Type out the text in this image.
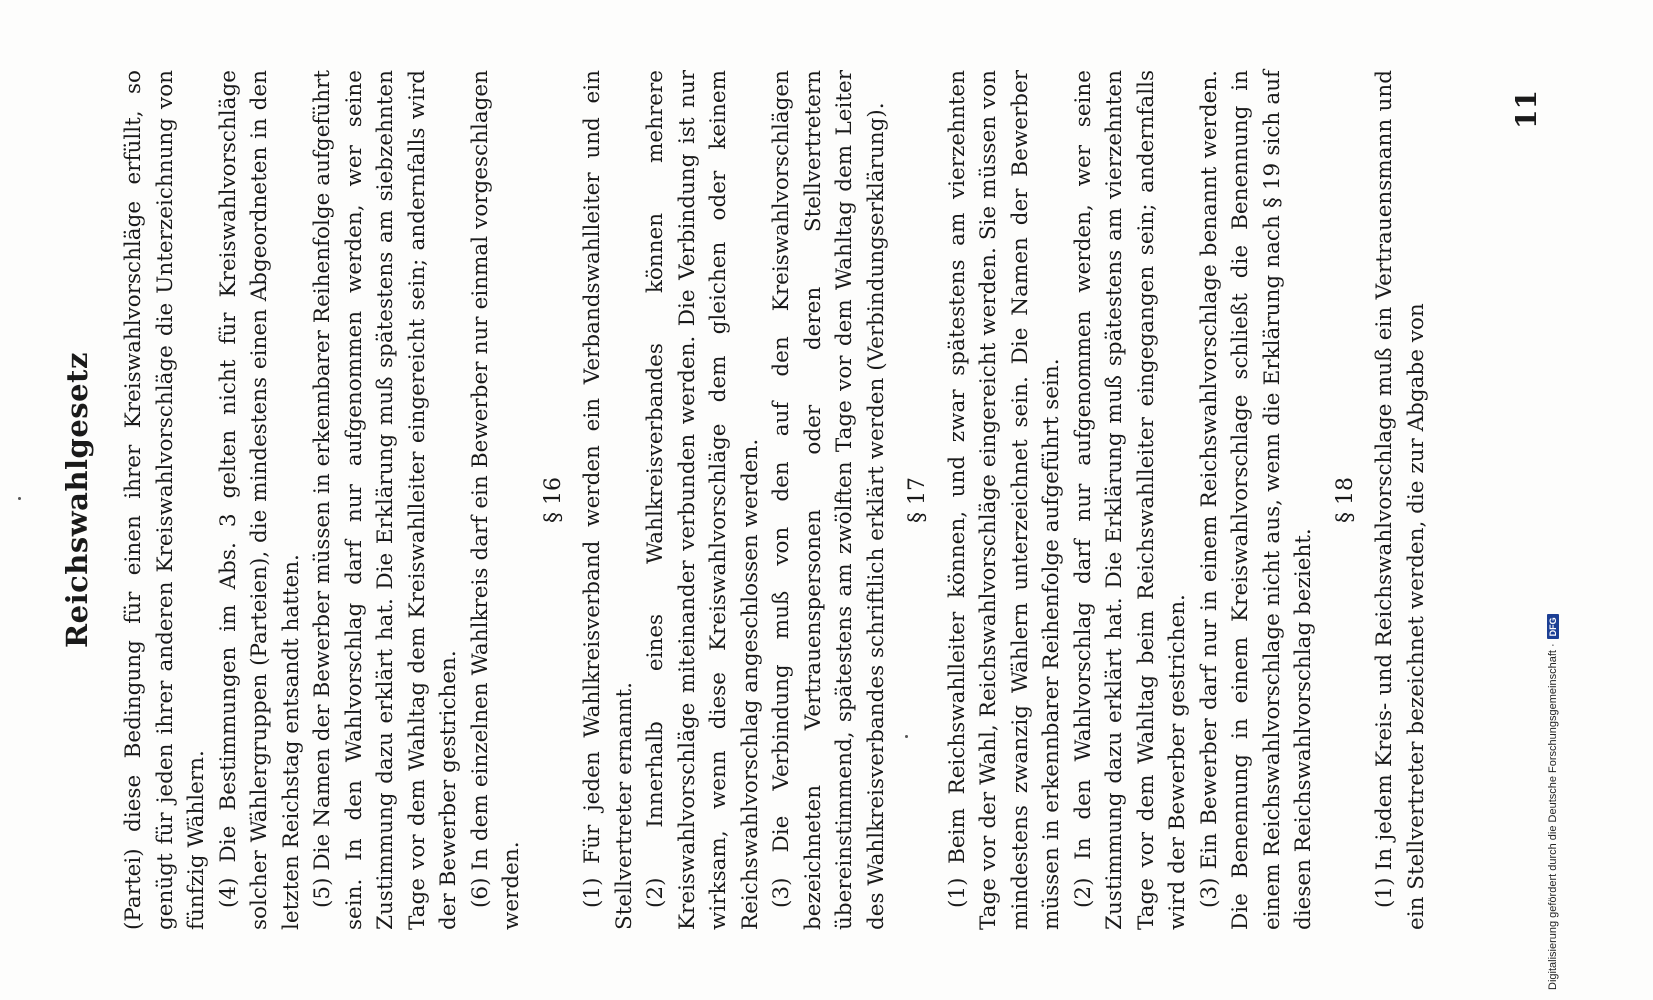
Reichswahlgesetz (Partei) diese Bedingung für einen ihrer Kreiswahlvorschläge erfüllt, so genügt für jeden ihrer anderen Kreiswahlvorschläge die Unterzeichnung von fünfzig Wählern. (4) Die Bestimmungen im Abs. 3 gelten nicht für Kreiswahlvorschläge solcher Wählergruppen (Parteien), die mindestens einen Abgeordneten in den letzten Reichstag entsandt hatten. (5) Die Namen der Bewerber müssen in erkennbarer Reihenfolge aufgeführt sein. In den Wahlvorschlag darf nur aufgenommen werden, wer seine Zustimmung dazu erklärt hat. Die Erklärung muß spätestens am siebzehnten Tage vor dem Wahltag dem Kreiswahlleiter eingereicht sein; andernfalls wird der Bewerber gestrichen. (6) In dem einzelnen Wahlkreis darf ein Bewerber nur einmal vorgeschlagen werden.

§ 16 (1) Für jeden Wahlkreisverband werden ein Verbandswahlleiter und ein Stellvertreter ernannt. (2) Innerhalb eines Wahlkreisverbandes können mehrere Kreiswahlvorschläge miteinander verbunden werden. Die Verbindung ist nur wirksam, wenn diese Kreiswahlvorschläge dem gleichen oder keinem Reichswahlvorschlag angeschlossen werden. (3) Die Verbindung muß von den auf den Kreiswahlvorschlägen bezeichneten Vertrauenspersonen oder deren Stellvertretern übereinstimmend, spätestens am zwölften Tage vor dem Wahltag dem Leiter des Wahlkreisverbandes schriftlich erklärt werden (Verbindungserklärung). § 17 (1) Beim Reichswahlleiter können, und zwar spätestens am vierzehnten Tage vor der Wahl, Reichswahlvorschläge eingereicht werden. Sie müssen von mindestens zwanzig Wählern unterzeichnet sein. Die Namen der Bewerber müssen in erkennbarer Reihenfolge aufgeführt sein. (2) In den Wahlvorschlag darf nur aufgenommen werden, wer seine Zustimmung dazu erklärt hat. Die Erklärung muß spätestens am vierzehnten Tage vor dem Wahltag beim Reichswahlleiter eingegangen sein; andernfalls wird der Bewerber gestrichen. (3) Ein Bewerber darf nur in einem Reichswahlvorschlage benannt werden. Die Benennung in einem Kreiswahlvorschlage schließt die Benennung in einem Reichswahlvorschlage nicht aus, wenn die Erklärung nach § 19 sich auf diesen Reichswahlvorschlag bezieht.

§ 18 (1) In jedem Kreis- und Reichswahlvorschlage muß ein Vertrauensmann und ein Stellvertreter bezeichnet werden, die zur Abgabe von

11
Digitalisierung gefördert durch die Deutsche Forschungsgemeinschaft ·
DFG
